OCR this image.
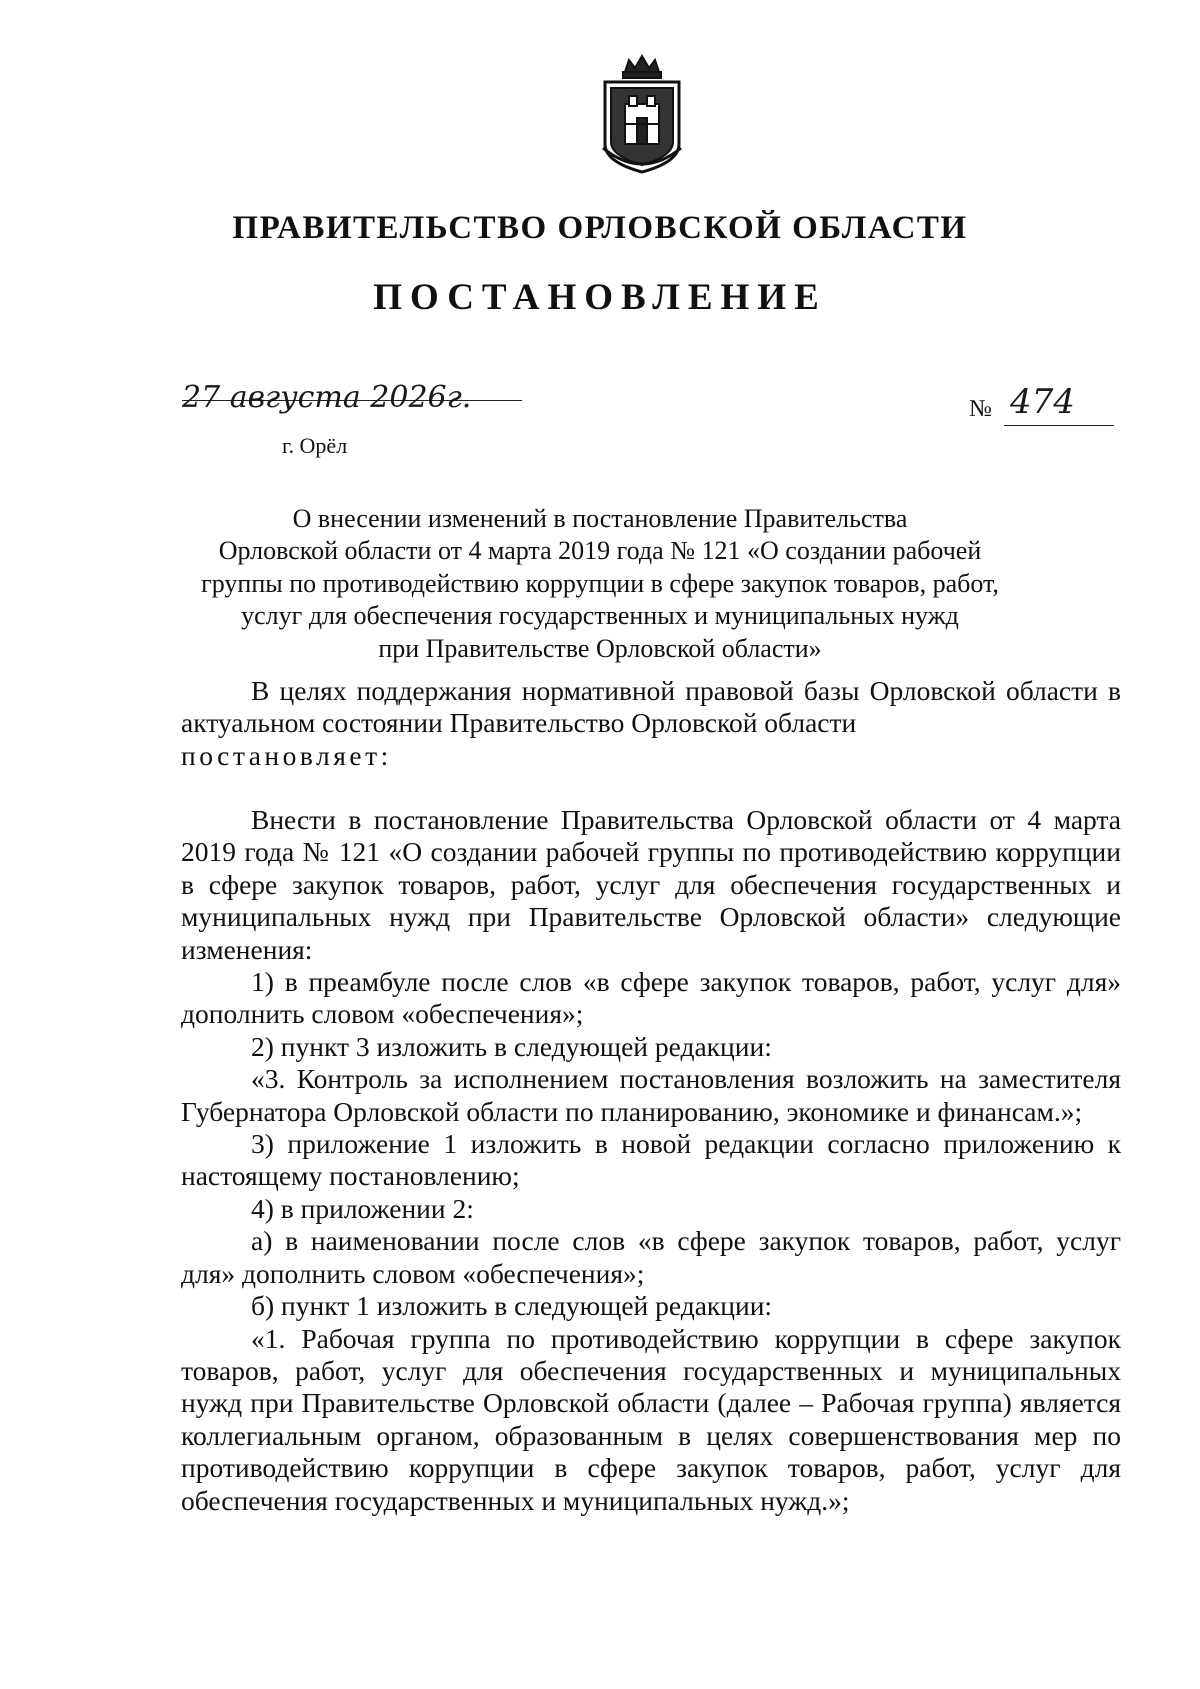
ПРАВИТЕЛЬСТВО ОРЛОВСКОЙ ОБЛАСТИ
ПОСТАНОВЛЕНИЕ
27 августа 2026г.
г. Орёл
№ 474
О внесении изменений в постановление Правительства
Орловской области от 4 марта 2019 года № 121 «О создании рабочей
группы по противодействию коррупции в сфере закупок товаров, работ,
услуг для обеспечения государственных и муниципальных нужд
при Правительстве Орловской области»

В целях поддержания нормативной правовой базы Орловской области в актуальном состоянии Правительство Орловской области

постановляет:

Внести в постановление Правительства Орловской области от 4 марта 2019 года № 121 «О создании рабочей группы по противодействию коррупции в сфере закупок товаров, работ, услуг для обеспечения государственных и муниципальных нужд при Правительстве Орловской области» следующие изменения:

1) в преамбуле после слов «в сфере закупок товаров, работ, услуг для» дополнить словом «обеспечения»;

2) пункт 3 изложить в следующей редакции:

«3. Контроль за исполнением постановления возложить на заместителя Губернатора Орловской области по планированию, экономике и финансам.»;

3) приложение 1 изложить в новой редакции согласно приложению к настоящему постановлению;

4) в приложении 2:

а) в наименовании после слов «в сфере закупок товаров, работ, услуг для» дополнить словом «обеспечения»;

б) пункт 1 изложить в следующей редакции:

«1. Рабочая группа по противодействию коррупции в сфере закупок товаров, работ, услуг для обеспечения государственных и муниципальных нужд при Правительстве Орловской области (далее – Рабочая группа) является коллегиальным органом, образованным в целях совершенствования мер по противодействию коррупции в сфере закупок товаров, работ, услуг для обеспечения государственных и муниципальных нужд.»;
